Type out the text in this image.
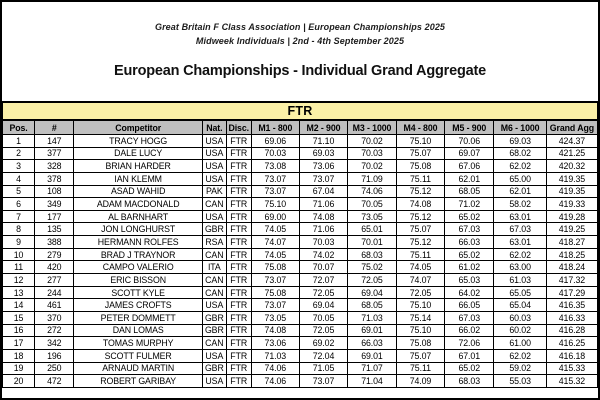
Great Britain F Class Association | European Championships 2025
Midweek Individuals | 2nd - 4th September 2025
European Championships - Individual Grand Aggregate
FTR											
Pos.	#	Competitor	Nat.	Disc.	M1 - 800	M2 - 900	M3 - 1000	M4 - 800	M5 - 900	M6 - 1000	Grand Agg
1	147	TRACY HOGG	USA	FTR	69.06	71.10	70.02	75.10	70.06	69.03	424.37
2	377	DALE LUCY	USA	FTR	70.03	69.03	70.03	75.07	69.07	68.02	421.25
3	328	BRIAN HARDER	USA	FTR	73.08	73.06	70.02	75.08	67.06	62.02	420.32
4	378	IAN KLEMM	USA	FTR	73.07	73.07	71.09	75.11	62.01	65.00	419.35
5	108	ASAD WAHID	PAK	FTR	73.07	67.04	74.06	75.12	68.05	62.01	419.35
6	349	ADAM MACDONALD	CAN	FTR	75.10	71.06	70.05	74.08	71.02	58.02	419.33
7	177	AL BARNHART	USA	FTR	69.00	74.08	73.05	75.12	65.02	63.01	419.28
8	135	JON LONGHURST	GBR	FTR	74.05	71.06	65.01	75.07	67.03	67.03	419.25
9	388	HERMANN ROLFES	RSA	FTR	74.07	70.03	70.01	75.12	66.03	63.01	418.27
10	279	BRAD J TRAYNOR	CAN	FTR	74.05	74.02	68.03	75.11	65.02	62.02	418.25
11	420	CAMPO VALERIO	ITA	FTR	75.08	70.07	75.02	74.05	61.02	63.00	418.24
12	277	ERIC BISSON	CAN	FTR	73.07	72.07	72.05	74.07	65.03	61.03	417.32
13	244	SCOTT KYLE	CAN	FTR	75.08	72.05	69.04	72.05	64.02	65.05	417.29
14	461	JAMES CROFTS	USA	FTR	73.07	69.04	68.05	75.10	66.05	65.04	416.35
15	370	PETER DOMMETT	GBR	FTR	73.05	70.05	71.03	75.14	67.03	60.03	416.33
16	272	DAN LOMAS	GBR	FTR	74.08	72.05	69.01	75.10	66.02	60.02	416.28
17	342	TOMAS MURPHY	CAN	FTR	73.06	69.02	66.03	75.08	72.06	61.00	416.25
18	196	SCOTT FULMER	USA	FTR	71.03	72.04	69.01	75.07	67.01	62.02	416.18
19	250	ARNAUD MARTIN	GBR	FTR	74.06	71.05	71.07	75.11	65.02	59.02	415.33
20	472	ROBERT GARIBAY	USA	FTR	74.06	73.07	71.04	74.09	68.03	55.03	415.32
